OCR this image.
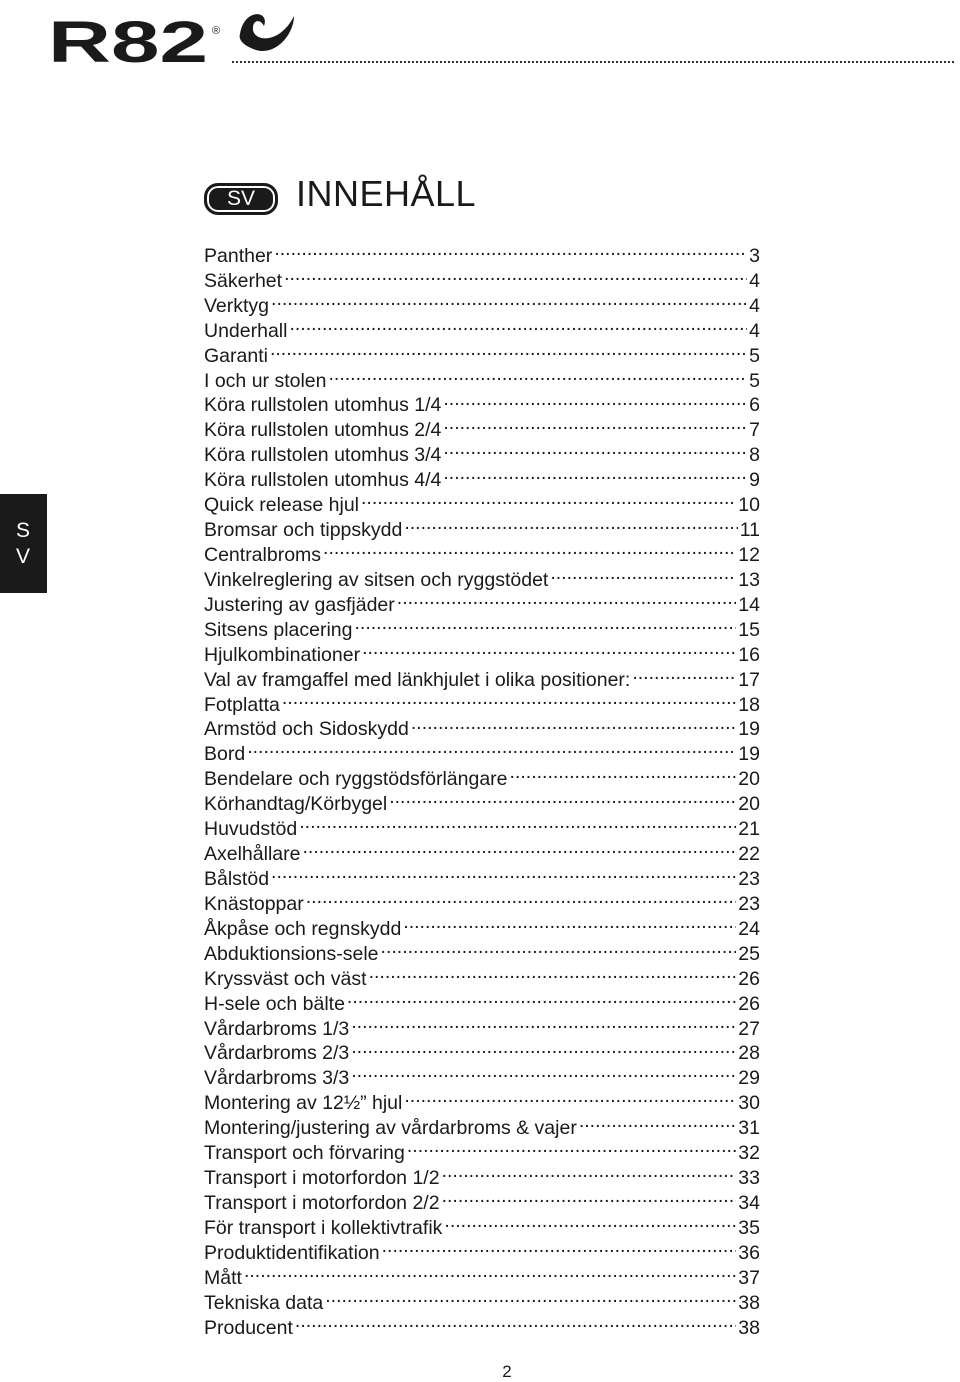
R82 ®
S
V
SV	INNEHÅLL
Panther .....	3
Säkerhet .....	4
Verktyg .....	4
Underhall .....	4
Garanti .....	5
I och ur stolen .....	5
Köra rullstolen utomhus 1/4 .....	6
Köra rullstolen utomhus 2/4 .....	7
Köra rullstolen utomhus 3/4 .....	8
Köra rullstolen utomhus 4/4 .....	9
Quick release hjul .....	10
Bromsar och tippskydd .....	11
Centralbroms .....	12
Vinkelreglering av sitsen och ryggstödet .....	13
Justering av gasfjäder .....	14
Sitsens placering .....	15
Hjulkombinationer .....	16
Val av framgaffel med länkhjulet i olika positioner: .....	17
Fotplatta .....	18
Armstöd och Sidoskydd .....	19
Bord .....	19
Bendelare och ryggstödsförlängare .....	20
Körhandtag/Körbygel .....	20
Huvudstöd .....	21
Axelhållare .....	22
Bålstöd .....	23
Knästoppar .....	23
Åkpåse och regnskydd .....	24
Abduktionsions-sele .....	25
Kryssväst och väst .....	26
H-sele och bälte .....	26
Vårdarbroms 1/3 .....	27
Vårdarbroms 2/3 .....	28
Vårdarbroms 3/3 .....	29
Montering av 12½” hjul .....	30
Montering/justering av vårdarbroms & vajer .....	31
Transport och förvaring .....	32
Transport i motorfordon 1/2 .....	33
Transport i motorfordon 2/2 .....	34
För transport i kollektivtrafik .....	35
Produktidentifikation .....	36
Mått .....	37
Tekniska data .....	38
Producent .....	38
2
